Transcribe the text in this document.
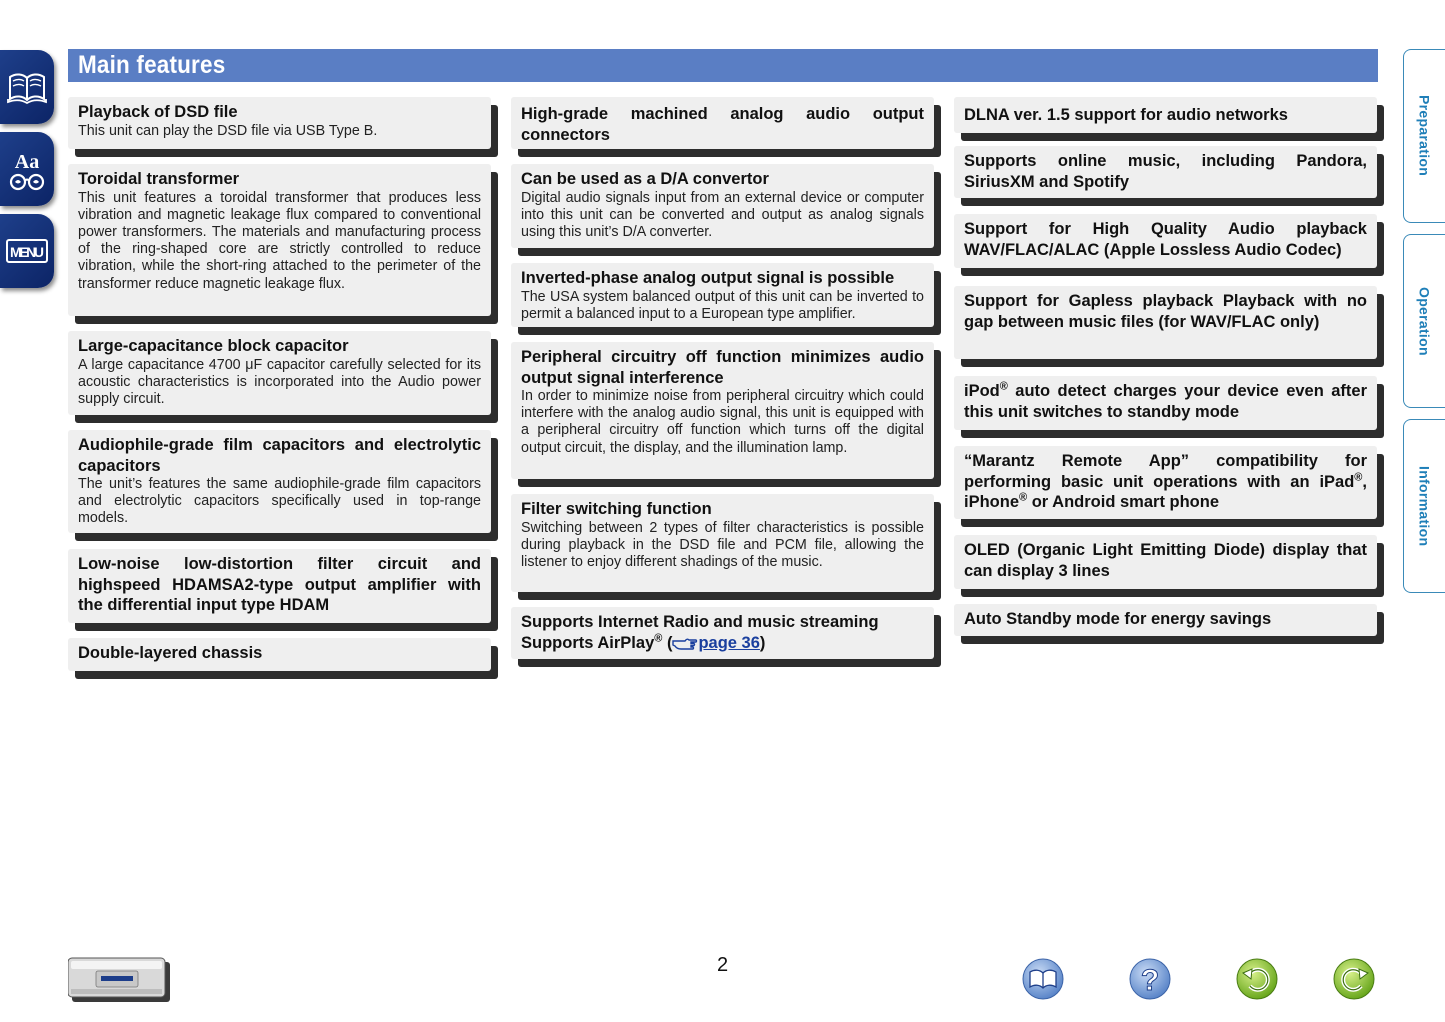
Aa
MENU
Main features
Preparation
Operation
Information
Playback of DSD file
This unit can play the DSD file via USB Type B.
Toroidal transformer
This unit features a toroidal transformer that produces less vibration and magnetic leakage flux compared to conventional power transformers. The materials and manufacturing process of the ring-shaped core are strictly controlled to reduce vibration, while the short-ring attached to the perimeter of the transformer reduce magnetic leakage flux.
Large-capacitance block capacitor
A large capacitance 4700 μF capacitor carefully selected for its acoustic characteristics is incorporated into the Audio power supply circuit.
Audiophile-grade film capacitors and electrolytic capacitors
The unit’s features the same audiophile-grade film capacitors and electrolytic capacitors specifically used in top-range models.
Low-noise low-distortion filter circuit and highspeed HDAMSA2-type output amplifier with the differential input type HDAM
Double-layered chassis
High-grade machined analog audio output connectors
Can be used as a D/A convertor
Digital audio signals input from an external device or computer into this unit can be converted and output as analog signals using this unit’s D/A converter.
Inverted-phase analog output signal is possible
The USA system balanced output of this unit can be inverted to permit a balanced input to a European type amplifier.
Peripheral circuitry off function minimizes audio output signal interference
In order to minimize noise from peripheral circuitry which could interfere with the analog audio signal, this unit is equipped with a peripheral circuitry off function which turns off the digital output circuit, the display, and the illumination lamp.
Filter switching function
Switching between 2 types of filter characteristics is possible during playback in the DSD file and PCM file, allowing the listener to enjoy different shadings of the music.
Supports Internet Radio and music streaming
Supports AirPlay® ( page 36)
DLNA ver. 1.5 support for audio networks
Supports online music, including Pandora, SiriusXM and Spotify
Support for High Quality Audio playback WAV/FLAC/ALAC (Apple Lossless Audio Codec)
Support for Gapless playback Playback with no gap between music files (for WAV/FLAC only)
iPod® auto detect charges your device even after this unit switches to standby mode
“Marantz Remote App” compatibility for performing basic unit operations with an iPad®, iPhone® or Android smart phone
OLED (Organic Light Emitting Diode) display that can display 3 lines
Auto Standby mode for energy savings
2	?
